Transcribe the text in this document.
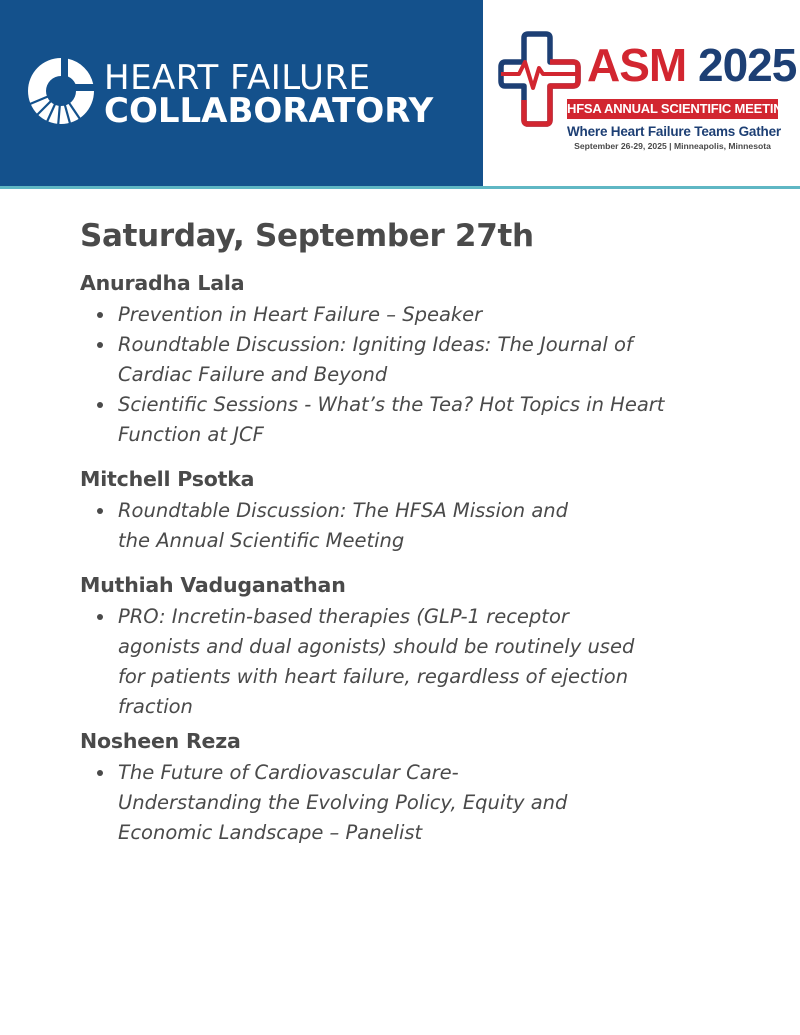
HEART FAILURE
COLLABORATORY
ASM 2025
HFSA ANNUAL SCIENTIFIC MEETING
Where Heart Failure Teams Gather
September 26-29, 2025 | Minneapolis, Minnesota
Saturday, September 27th
Anuradha Lala
Prevention in Heart Failure – Speaker
Roundtable Discussion: Igniting Ideas: The Journal of Cardiac Failure and Beyond
Scientific Sessions - What’s the Tea? Hot Topics in Heart Function at JCF
Mitchell Psotka
Roundtable Discussion: The HFSA Mission and the Annual Scientific Meeting
Muthiah Vaduganathan
PRO: Incretin-based therapies (GLP-1 receptor agonists and dual agonists) should be routinely used for patients with heart failure, regardless of ejection fraction
Nosheen Reza
The Future of Cardiovascular Care- Understanding the Evolving Policy, Equity and Economic Landscape – Panelist
